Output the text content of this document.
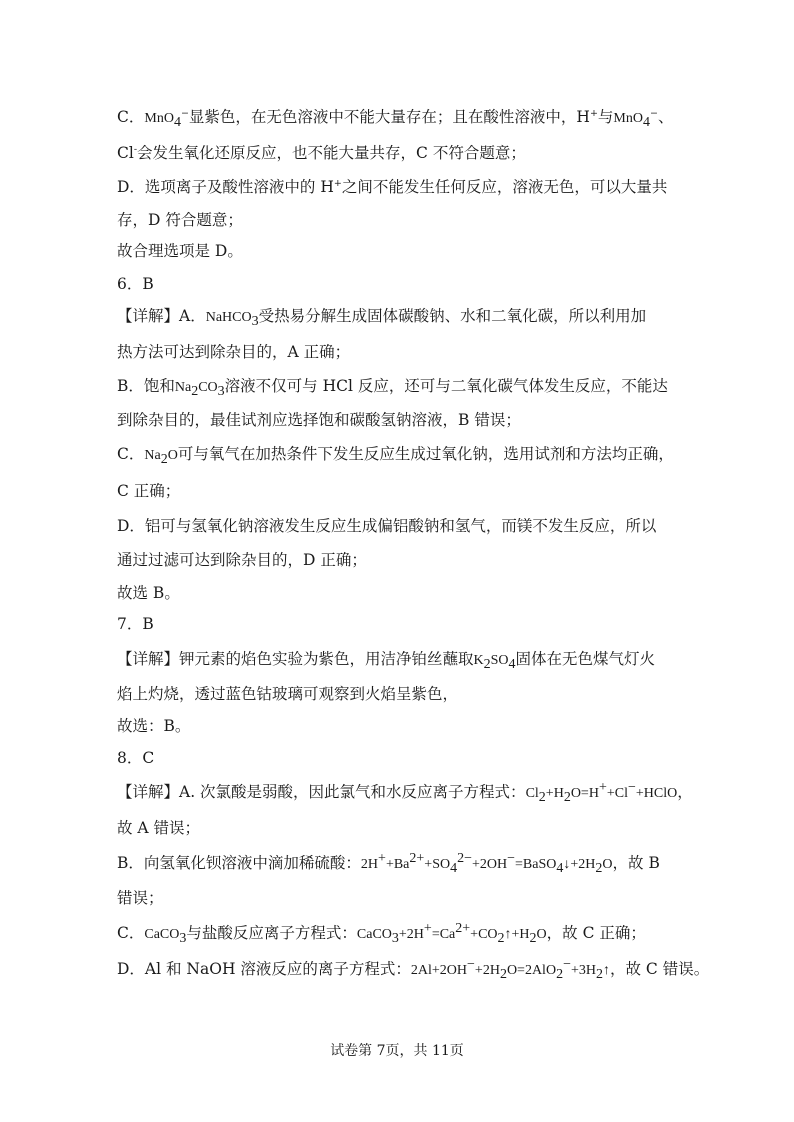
C．MnO$_4$−显紫色，在无色溶液中不能大量存在；且在酸性溶液中，H+与MnO$_4$−、
Cl-会发生氧化还原反应，也不能大量共存，C 不符合题意；
D．选项离子及酸性溶液中的 H+之间不能发生任何反应，溶液无色，可以大量共
存，D 符合题意；
故合理选项是 D。
6．B
【详解】A．NaHCO$_3$受热易分解生成固体碳酸钠、水和二氧化碳，所以利用加
热方法可达到除杂目的，A 正确；
B．饱和$Na_2CO_3$溶液不仅可与 HCl 反应，还可与二氧化碳气体发生反应，不能达
到除杂目的，最佳试剂应选择饱和碳酸氢钠溶液，B 错误；
C．$Na_2O$可与氧气在加热条件下发生反应生成过氧化钠，选用试剂和方法均正确，
C 正确；
D．铝可与氢氧化钠溶液发生反应生成偏铝酸钠和氢气，而镁不发生反应，所以
通过过滤可达到除杂目的，D 正确；
故选 B。
7．B
【详解】钾元素的焰色实验为紫色，用洁净铂丝蘸取$K_2SO_4$固体在无色煤气灯火
焰上灼烧，透过蓝色钴玻璃可观察到火焰呈紫色，
故选：B。
8．C
【详解】A. 次氯酸是弱酸，因此氯气和水反应离子方程式：$Cl_2+H_2O=H^++Cl^-+HClO$，
故 A 错误；
B．向氢氧化钡溶液中滴加稀硫酸：$2H^++Ba^{2+}+SO_4^{2-}+2OH^-=BaSO_4↓+2H_2O$，故 B
错误；
C．CaCO$_3$与盐酸反应离子方程式：$CaCO_3+2H^+=Ca^{2+}+CO_2↑+H_2O$，故 C 正确；
D．Al 和 NaOH 溶液反应的离子方程式：$2Al+2OH^-+2H_2O=2AlO_2^-+3H_2↑$，故 C 错误。
试卷第 7页，共 11页
